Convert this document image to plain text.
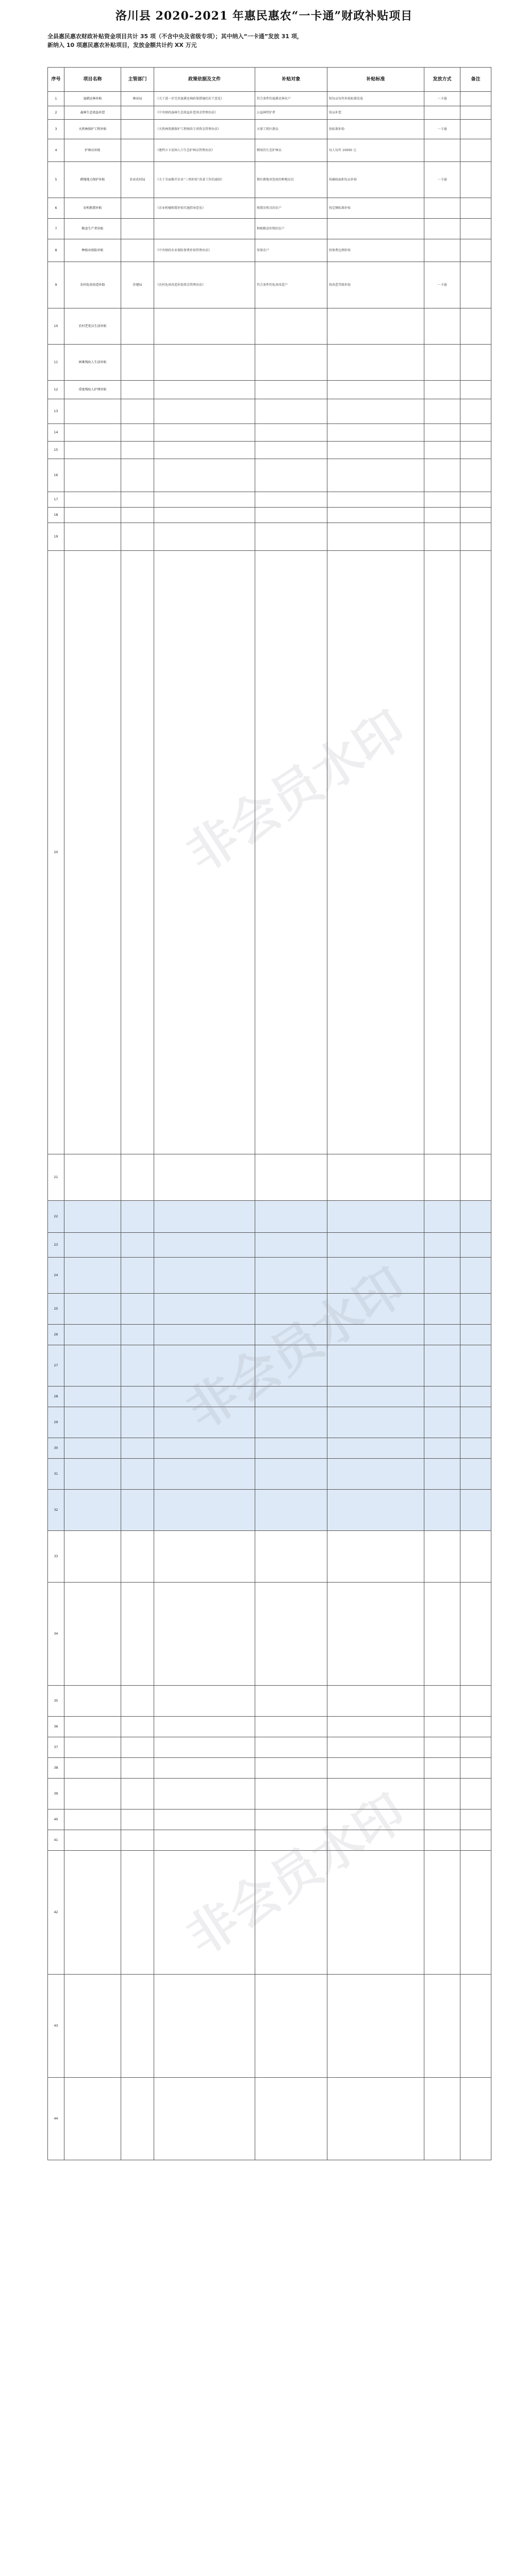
洛川县 2020-2021 年惠民惠农“一卡通”财政补贴项目
全县惠民惠农财政补贴资金项目共计 35 项（不含中央及省级专项）；其中纳入“一卡通”发放 31 项，
新纳入 10 项惠民惠农补贴项目，发放金额共计约 XX 万元
序号	项目名称	主管部门	政策依据及文件	补贴对象	补贴标准	发放方式	备注
1	退耕还林补贴	林业局	《关于进一步完善退耕还林政策措施的若干意见》	符合条件的退耕还林农户	按每亩每年补助标准发放	一卡通	
2	森林生态效益补偿		《中央财政森林生态效益补偿基金管理办法》	公益林管护者	按亩补偿		
3	天然林保护工程补贴		《天然林资源保护工程财政专项资金管理办法》	天保工程区群众	按标准补助	一卡通	
4	护林员补助		《建档立卡贫困人口生态护林员管理办法》	聘用的生态护林员	每人每年 10000 元		
5	耕地地力保护补贴	农业农村局	《关于全面推开农业“三项补贴”改革工作的通知》	拥有耕地承包权的种地农民	按确权面积每亩补贴	一卡通	
6	农机购置补贴		《农业机械购置补贴实施指导意见》	购置农机具的农户	按定额标准补贴		
7	粮食生产者补贴			种植粮食作物的农户			
8	种植业保险补贴		《中央财政农业保险保费补贴管理办法》	参保农户	按保费比例补贴		
9	农村危房改造补助	住建局	《农村危房改造补助资金管理办法》	符合条件的危房改造户	按改造等级补助	一卡通	
10	农村老党员生活补贴						
11	困难残疾人生活补贴						
12	重度残疾人护理补贴						
13							
14							
15							
16							
17							
18							
19							
20							
21							
22							
23							
24							
25							
26							
27							
28							
29							
30							
31							
32							
33							
34							
35							
36							
37							
38							
39							
40							
41							
42							
43							
44							
非会员水印
非会员水印
